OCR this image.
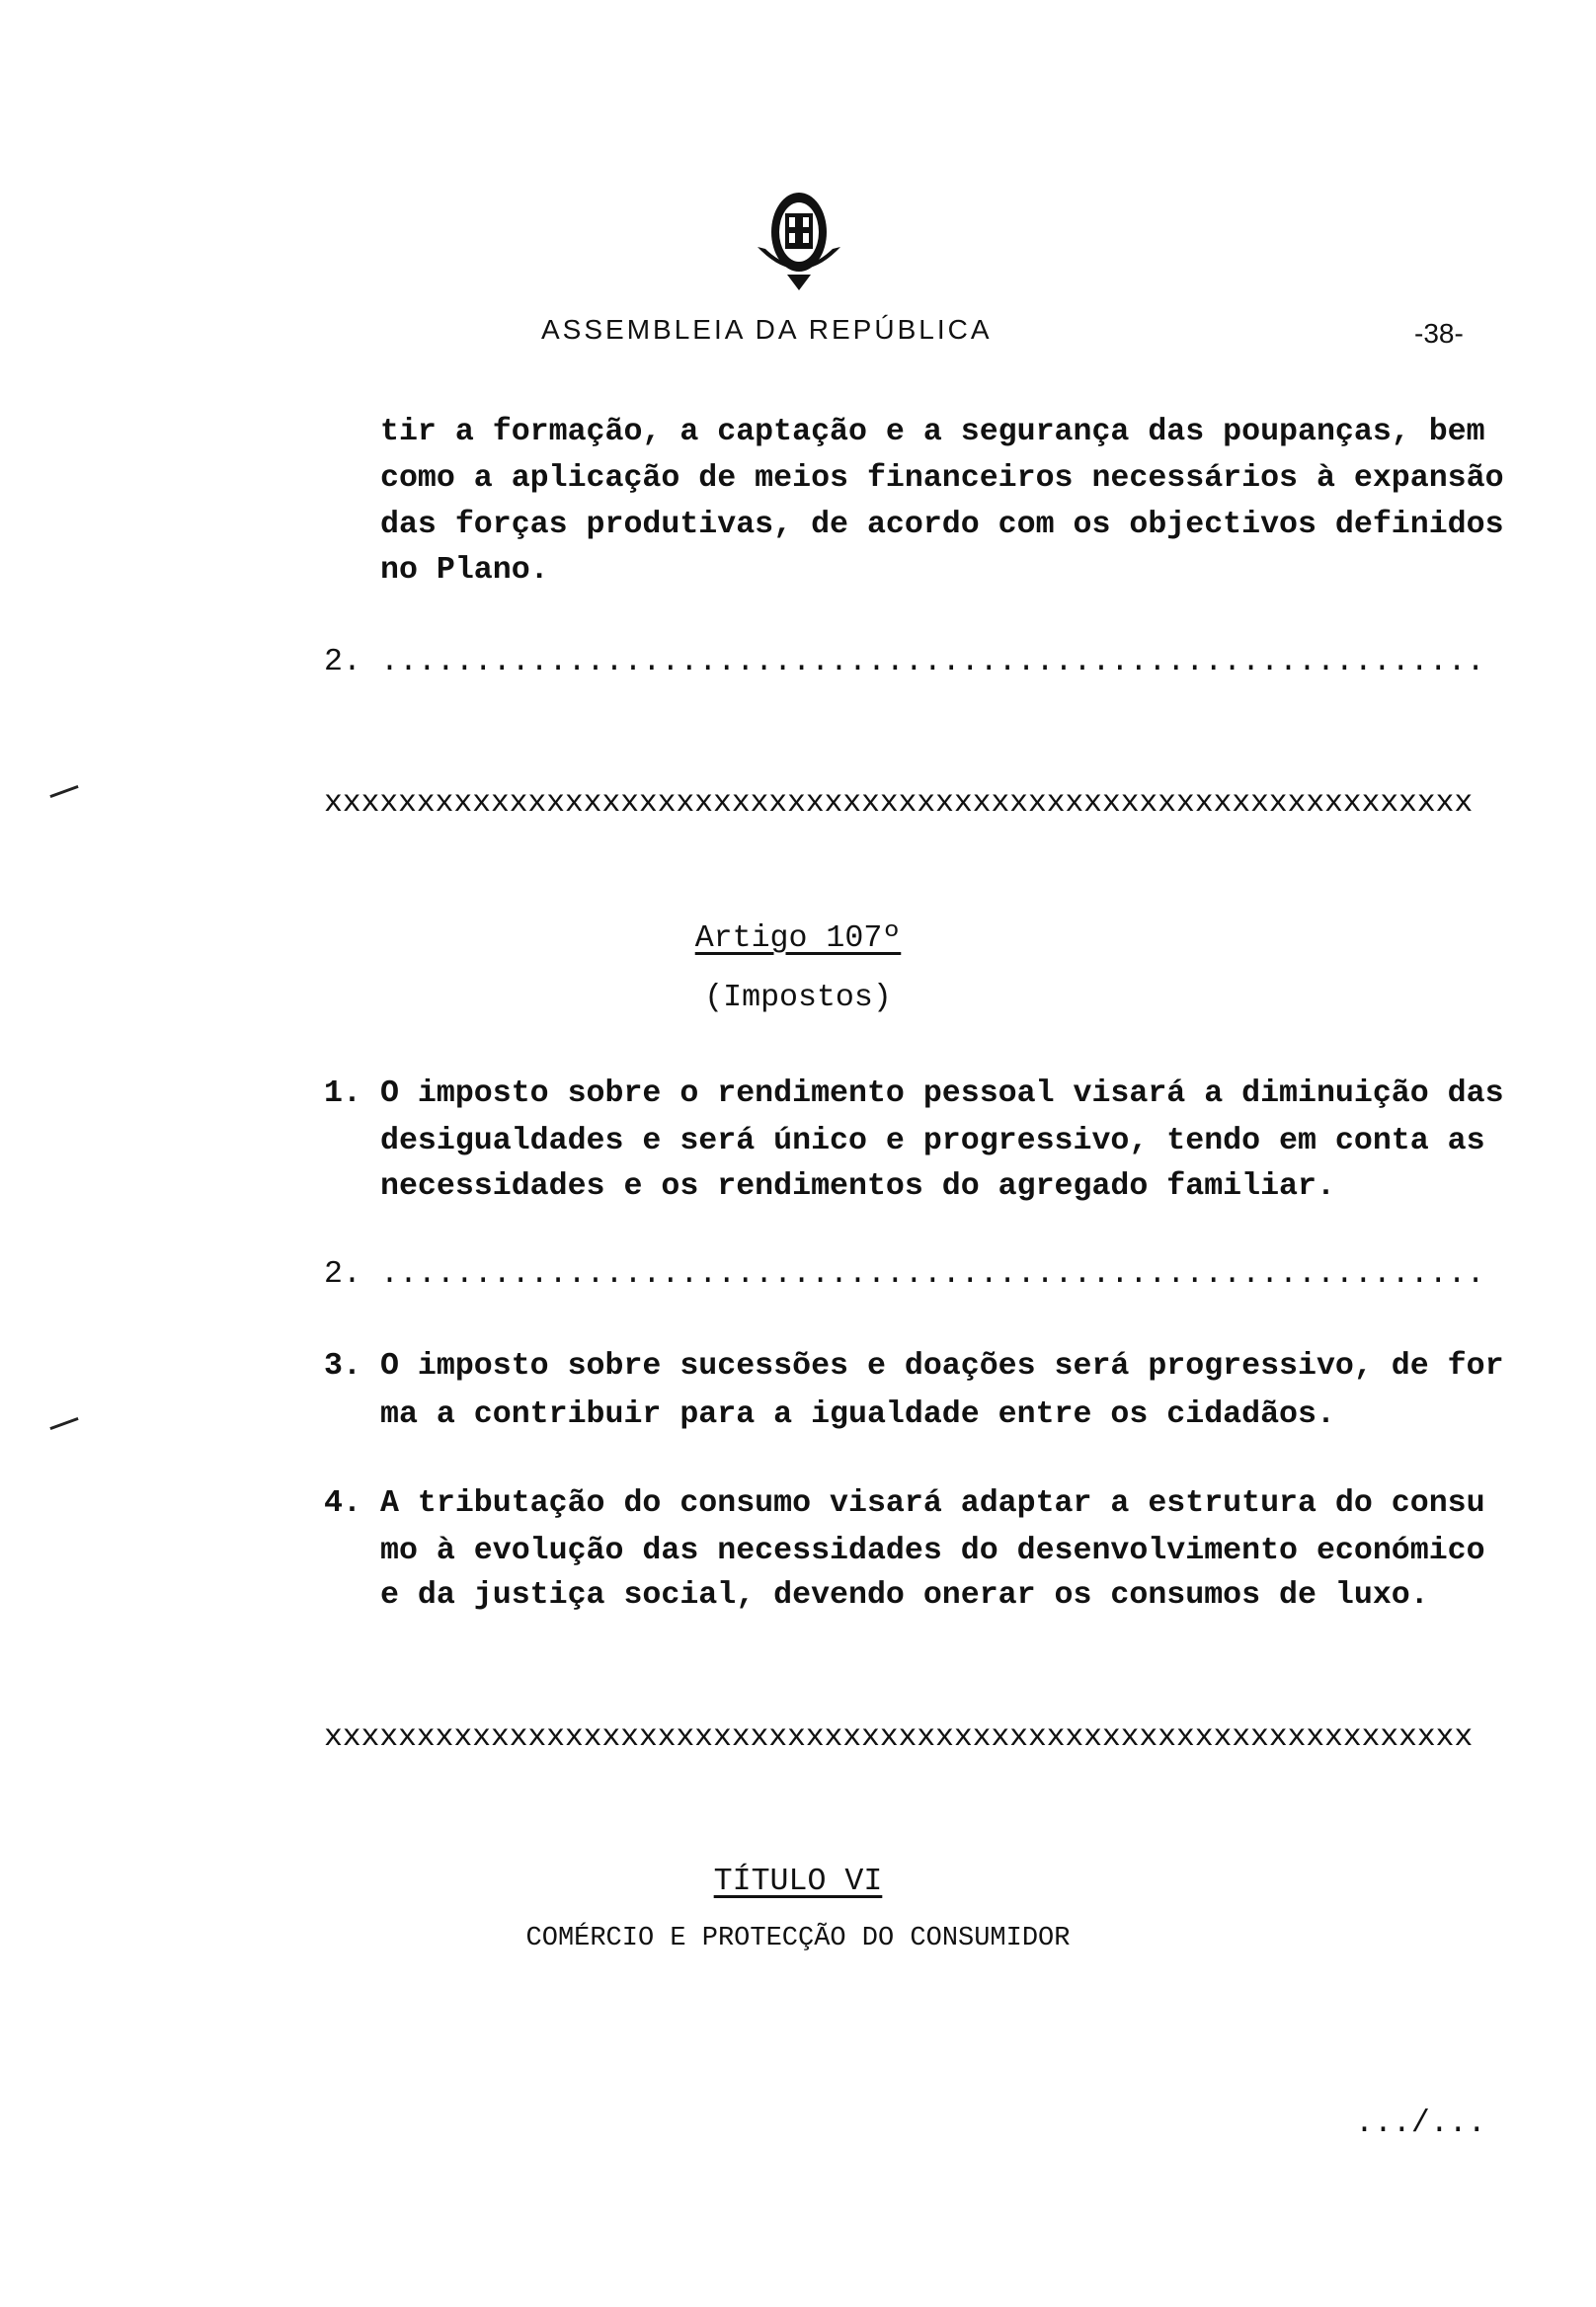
ASSEMBLEIA DA REPÚBLICA	-38-
tir a formação, a captação e a segurança das poupanças, bem
como a aplicação de meios financeiros necessários à expansão
das forças produtivas, de acordo com os objectivos definidos
no Plano.
2. ...........................................................
xxxxxxxxxxxxxxxxxxxxxxxxxxxxxxxxxxxxxxxxxxxxxxxxxxxxxxxxxxxxxx
Artigo 107º
(Impostos)
1. O imposto sobre o rendimento pessoal visará a diminuição das
desigualdades e será único e progressivo, tendo em conta as
necessidades e os rendimentos do agregado familiar.
2. ...........................................................
3. O imposto sobre sucessões e doações será progressivo, de for
ma a contribuir para a igualdade entre os cidadãos.
4. A tributação do consumo visará adaptar a estrutura do consu
mo à evolução das necessidades do desenvolvimento económico
e da justiça social, devendo onerar os consumos de luxo.
xxxxxxxxxxxxxxxxxxxxxxxxxxxxxxxxxxxxxxxxxxxxxxxxxxxxxxxxxxxxxx
TÍTULO VI
COMÉRCIO E PROTECÇÃO DO CONSUMIDOR
.../...
